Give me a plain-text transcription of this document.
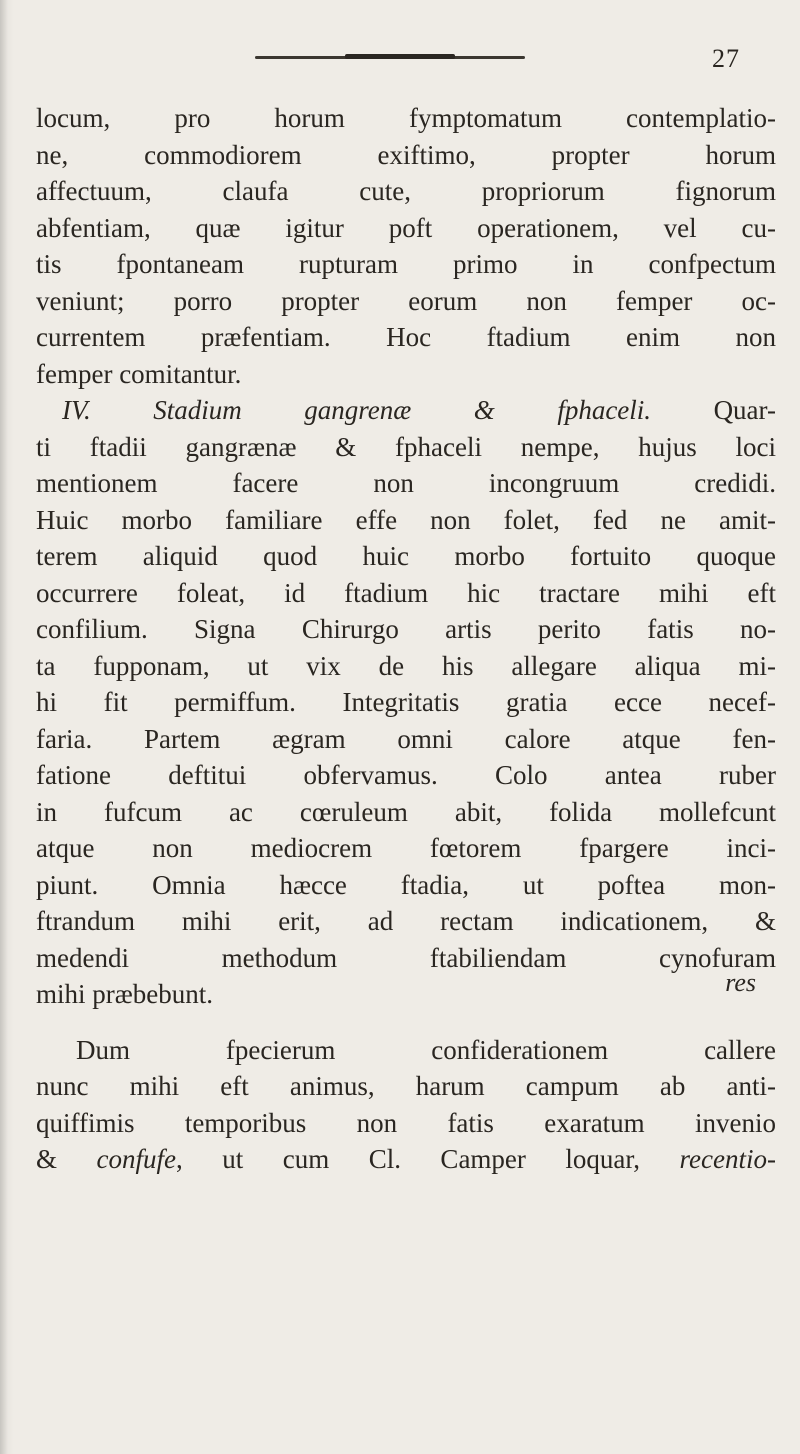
27
locum, pro horum fymptomatum contemplatio-
ne, commodiorem exiftimo, propter horum
affectuum, claufa cute, propriorum fignorum
abfentiam, quæ igitur poft operationem, vel cu-
tis fpontaneam rupturam primo in confpectum
veniunt; porro propter eorum non femper oc-
currentem præfentiam. Hoc ftadium enim non
femper comitantur.
IV. Stadium gangrenæ & fphaceli. Quar-
ti ftadii gangrænæ & fphaceli nempe, hujus loci
mentionem facere non incongruum credidi.
Huic morbo familiare effe non folet, fed ne amit-
terem aliquid quod huic morbo fortuito quoque
occurrere foleat, id ftadium hic tractare mihi eft
confilium. Signa Chirurgo artis perito fatis no-
ta fupponam, ut vix de his allegare aliqua mi-
hi fit permiffum. Integritatis gratia ecce necef-
faria. Partem ægram omni calore atque fen-
fatione deftitui obfervamus. Colo antea ruber
in fufcum ac cœruleum abit, folida mollefcunt
atque non mediocrem fœtorem fpargere inci-
piunt. Omnia hæcce ftadia, ut poftea mon-
ftrandum mihi erit, ad rectam indicationem, &
medendi methodum ftabiliendam cynofuram
mihi præbebunt.
Dum fpecierum confiderationem callere
nunc mihi eft animus, harum campum ab anti-
quiffimis temporibus non fatis exaratum invenio
& confufe, ut cum Cl. Camper loquar, recentio-
res
